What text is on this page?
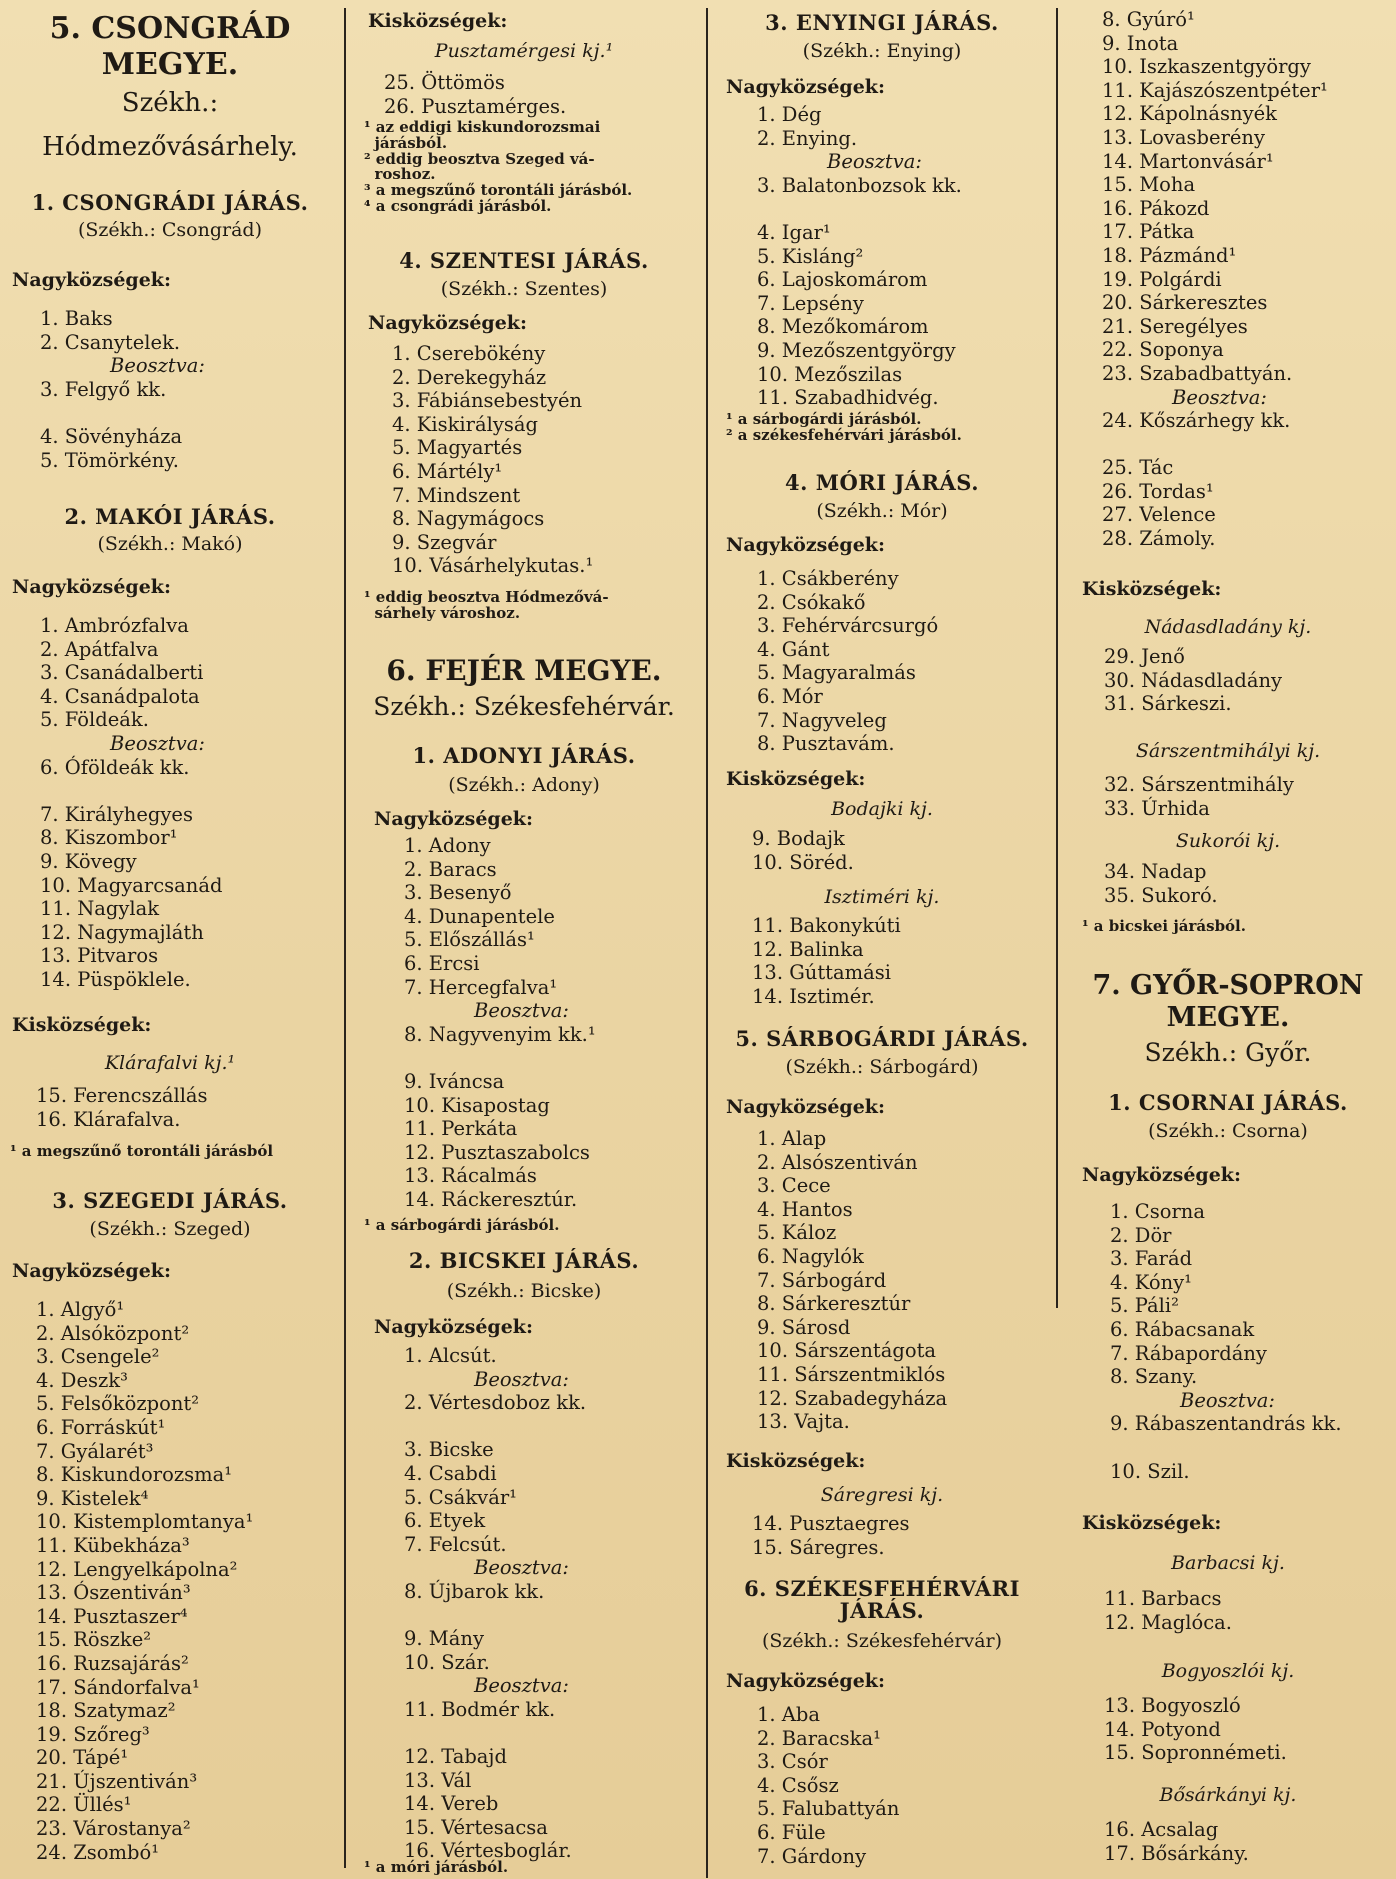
5. CSONGRÁD
MEGYE.
Székh.:
Hódmezővásárhely.
1. CSONGRÁDI JÁRÁS.
(Székh.: Csongrád)
Nagyközségek:
1. Baks
2. Csanytelek.
Beosztva:
3. Felgyő kk.
4. Sövényháza
5. Tömörkény.
2. MAKÓI JÁRÁS.
(Székh.: Makó)
Nagyközségek:
1. Ambrózfalva
2. Apátfalva
3. Csanádalberti
4. Csanádpalota
5. Földeák.
Beosztva:
6. Óföldeák kk.
7. Királyhegyes
8. Kiszombor¹
9. Kövegy
10. Magyarcsanád
11. Nagylak
12. Nagymajláth
13. Pitvaros
14. Püspöklele.
Kisközségek:
Klárafalvi kj.¹
15. Ferencszállás
16. Klárafalva.
¹ a megszűnő torontáli járásból
3. SZEGEDI JÁRÁS.
(Székh.: Szeged)
Nagyközségek:
1. Algyő¹
2. Alsóközpont²
3. Csengele²
4. Deszk³
5. Felsőközpont²
6. Forráskút¹
7. Gyálarét³
8. Kiskundorozsma¹
9. Kistelek⁴
10. Kistemplomtanya¹
11. Kübekháza³
12. Lengyelkápolna²
13. Ószentiván³
14. Pusztaszer⁴
15. Röszke²
16. Ruzsajárás²
17. Sándorfalva¹
18. Szatymaz²
19. Szőreg³
20. Tápé¹
21. Újszentiván³
22. Üllés¹
23. Várostanya²
24. Zsombó¹
Kisközségek:
Pusztamérgesi kj.¹
25. Öttömös
26. Pusztamérges.
¹ az eddigi kiskundorozsmai
járásból.
² eddig beosztva Szeged vá-
roshoz.
³ a megszűnő torontáli járásból.
⁴ a csongrádi járásból.
4. SZENTESI JÁRÁS.
(Székh.: Szentes)
Nagyközségek:
1. Cserebökény
2. Derekegyház
3. Fábiánsebestyén
4. Kiskirályság
5. Magyartés
6. Mártély¹
7. Mindszent
8. Nagymágocs
9. Szegvár
10. Vásárhelykutas.¹
¹ eddig beosztva Hódmezővá-
sárhely városhoz.
6. FEJÉR MEGYE.
Székh.: Székesfehérvár.
1. ADONYI JÁRÁS.
(Székh.: Adony)
Nagyközségek:
1. Adony
2. Baracs
3. Besenyő
4. Dunapentele
5. Előszállás¹
6. Ercsi
7. Hercegfalva¹
Beosztva:
8. Nagyvenyim kk.¹
9. Iváncsa
10. Kisapostag
11. Perkáta
12. Pusztaszabolcs
13. Rácalmás
14. Ráckeresztúr.
¹ a sárbogárdi járásból.
2. BICSKEI JÁRÁS.
(Székh.: Bicske)
Nagyközségek:
1. Alcsút.
Beosztva:
2. Vértesdoboz kk.
3. Bicske
4. Csabdi
5. Csákvár¹
6. Etyek
7. Felcsút.
Beosztva:
8. Újbarok kk.
9. Mány
10. Szár.
Beosztva:
11. Bodmér kk.
12. Tabajd
13. Vál
14. Vereb
15. Vértesacsa
16. Vértesboglár.
¹ a móri járásból.
3. ENYINGI JÁRÁS.
(Székh.: Enying)
Nagyközségek:
1. Dég
2. Enying.
Beosztva:
3. Balatonbozsok kk.
4. Igar¹
5. Kisláng²
6. Lajoskomárom
7. Lepsény
8. Mezőkomárom
9. Mezőszentgyörgy
10. Mezőszilas
11. Szabadhidvég.
¹ a sárbogárdi járásból.
² a székesfehérvári járásból.
4. MÓRI JÁRÁS.
(Székh.: Mór)
Nagyközségek:
1. Csákberény
2. Csókakő
3. Fehérvárcsurgó
4. Gánt
5. Magyaralmás
6. Mór
7. Nagyveleg
8. Pusztavám.
Kisközségek:
Bodajki kj.
9. Bodajk
10. Söréd.
Isztiméri kj.
11. Bakonykúti
12. Balinka
13. Gúttamási
14. Isztimér.
5. SÁRBOGÁRDI JÁRÁS.
(Székh.: Sárbogárd)
Nagyközségek:
1. Alap
2. Alsószentiván
3. Cece
4. Hantos
5. Káloz
6. Nagylók
7. Sárbogárd
8. Sárkeresztúr
9. Sárosd
10. Sárszentágota
11. Sárszentmiklós
12. Szabadegyháza
13. Vajta.
Kisközségek:
Sáregresi kj.
14. Pusztaegres
15. Sáregres.
6. SZÉKESFEHÉRVÁRI
JÁRÁS.
(Székh.: Székesfehérvár)
Nagyközségek:
1. Aba
2. Baracska¹
3. Csór
4. Csősz
5. Falubattyán
6. Füle
7. Gárdony
8. Gyúró¹
9. Inota
10. Iszkaszentgyörgy
11. Kajászószentpéter¹
12. Kápolnásnyék
13. Lovasberény
14. Martonvásár¹
15. Moha
16. Pákozd
17. Pátka
18. Pázmánd¹
19. Polgárdi
20. Sárkeresztes
21. Seregélyes
22. Soponya
23. Szabadbattyán.
Beosztva:
24. Kőszárhegy kk.
25. Tác
26. Tordas¹
27. Velence
28. Zámoly.
Kisközségek:
Nádasdladány kj.
29. Jenő
30. Nádasdladány
31. Sárkeszi.
Sárszentmihályi kj.
32. Sárszentmihály
33. Úrhida
Sukorói kj.
34. Nadap
35. Sukoró.
¹ a bicskei járásból.
7. GYŐR-SOPRON
MEGYE.
Székh.: Győr.
1. CSORNAI JÁRÁS.
(Székh.: Csorna)
Nagyközségek:
1. Csorna
2. Dör
3. Farád
4. Kóny¹
5. Páli²
6. Rábacsanak
7. Rábapordány
8. Szany.
Beosztva:
9. Rábaszentandrás kk.
10. Szil.
Kisközségek:
Barbacsi kj.
11. Barbacs
12. Maglóca.
Bogyoszlói kj.
13. Bogyoszló
14. Potyond
15. Sopronnémeti.
Bősárkányi kj.
16. Acsalag
17. Bősárkány.
